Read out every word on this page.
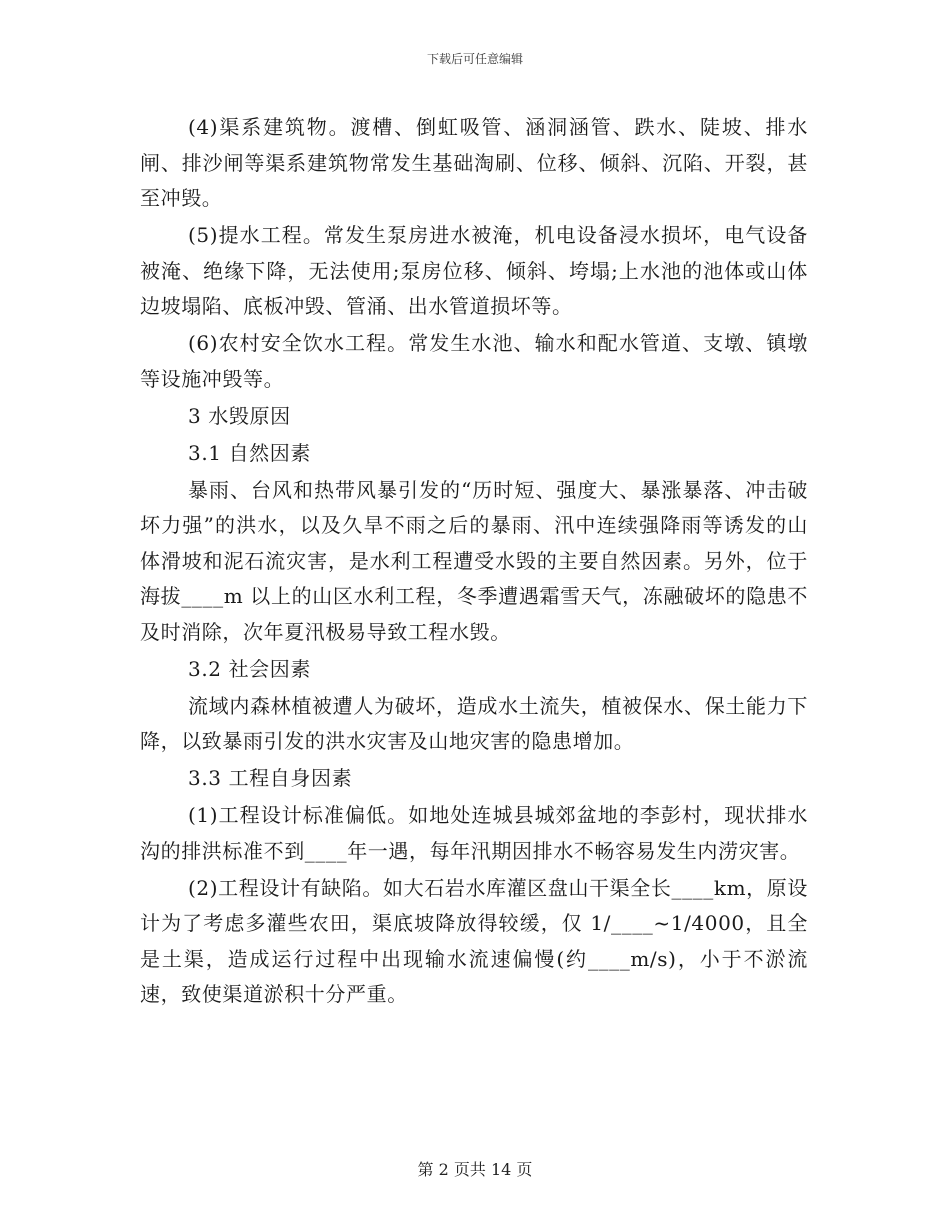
下载后可任意编辑

(4)渠系建筑物。渡槽、倒虹吸管、涵洞涵管、跌水、陡坡、排水闸、排沙闸等渠系建筑物常发生基础淘刷、位移、倾斜、沉陷、开裂，甚至冲毁。

(5)提水工程。常发生泵房进水被淹，机电设备浸水损坏，电气设备被淹、绝缘下降，无法使用;泵房位移、倾斜、垮塌;上水池的池体或山体边坡塌陷、底板冲毁、管涌、出水管道损坏等。

(6)农村安全饮水工程。常发生水池、输水和配水管道、支墩、镇墩等设施冲毁等。

3 水毁原因

3.1 自然因素

暴雨、台风和热带风暴引发的“历时短、强度大、暴涨暴落、冲击破坏力强”的洪水，以及久旱不雨之后的暴雨、汛中连续强降雨等诱发的山体滑坡和泥石流灾害，是水利工程遭受水毁的主要自然因素。另外，位于海拔____m 以上的山区水利工程，冬季遭遇霜雪天气，冻融破坏的隐患不及时消除，次年夏汛极易导致工程水毁。

3.2 社会因素

流域内森林植被遭人为破坏，造成水土流失，植被保水、保土能力下降，以致暴雨引发的洪水灾害及山地灾害的隐患增加。

3.3 工程自身因素

(1)工程设计标准偏低。如地处连城县城郊盆地的李彭村，现状排水沟的排洪标准不到____年一遇，每年汛期因排水不畅容易发生内涝灾害。

(2)工程设计有缺陷。如大石岩水库灌区盘山干渠全长____km，原设计为了考虑多灌些农田，渠底坡降放得较缓，仅 1/____~1/4000，且全是土渠，造成运行过程中出现输水流速偏慢(约____m/s)，小于不淤流速，致使渠道淤积十分严重。

第 2 页共 14 页
